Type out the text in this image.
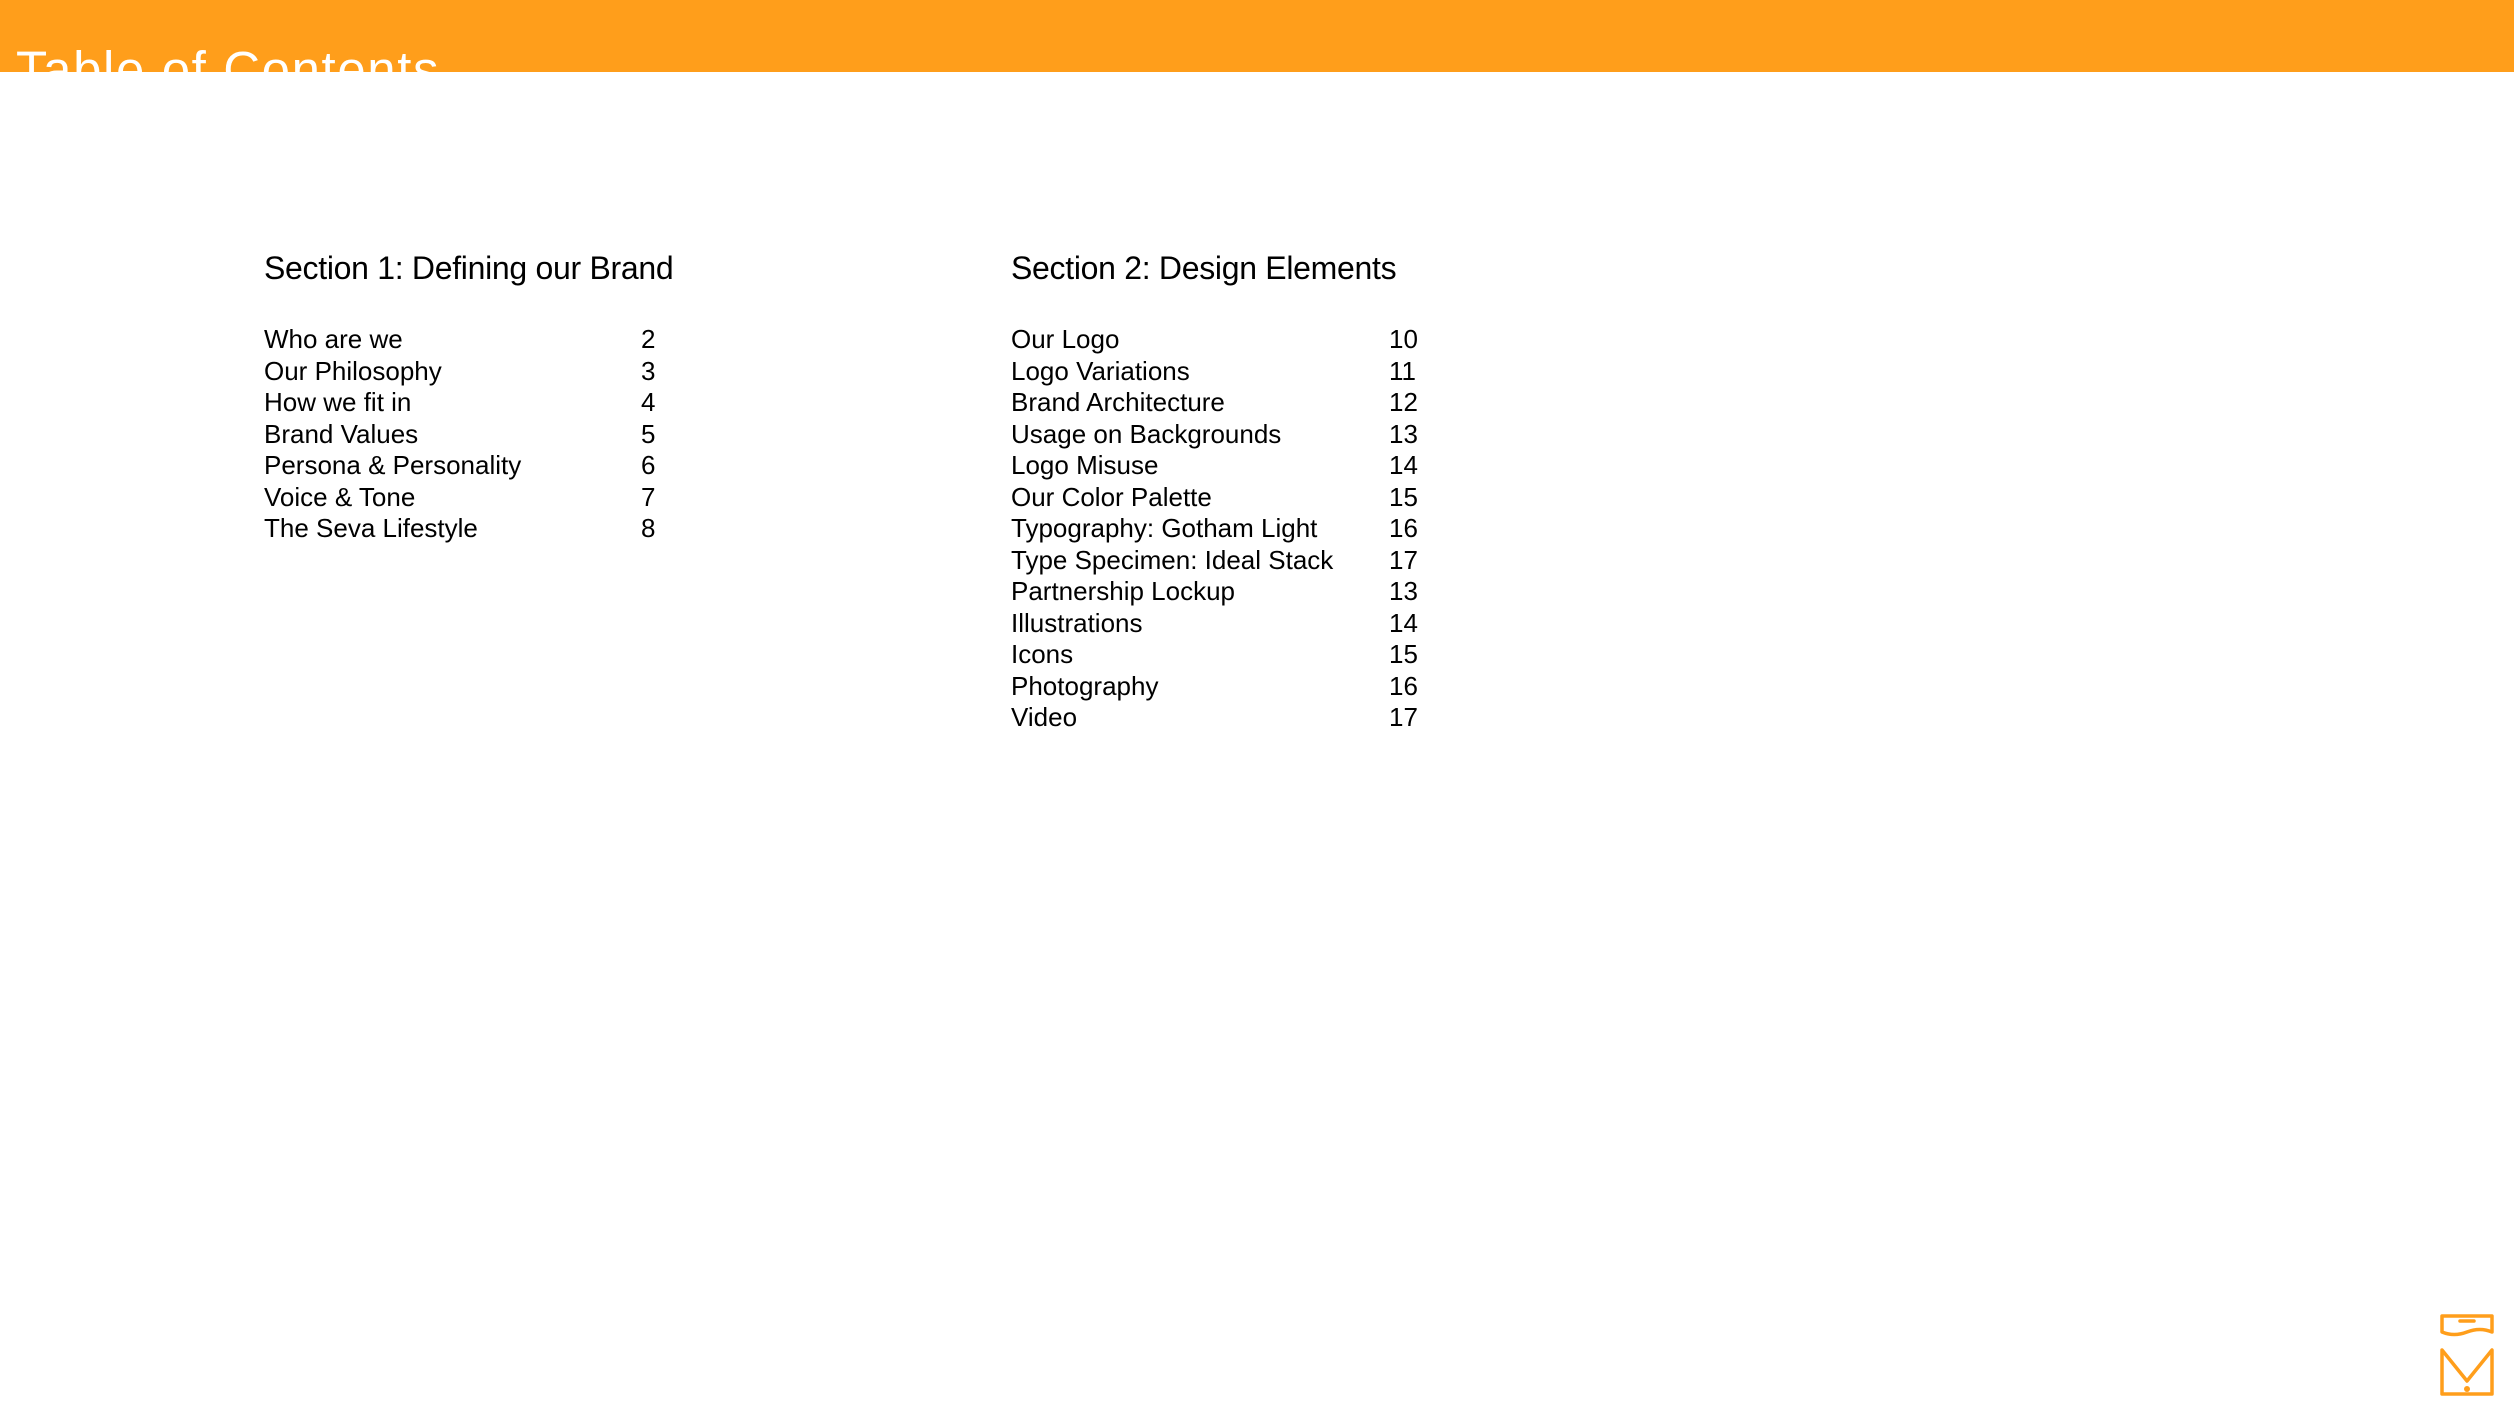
Table of Contents
Section 1: Defining our Brand
Who are we	2
Our Philosophy	3
How we fit in	4
Brand Values	5
Persona & Personality	6
Voice & Tone	7
The Seva Lifestyle	8
Section 2: Design Elements
Our Logo	10
Logo Variations	11
Brand Architecture	12
Usage on Backgrounds	13
Logo Misuse	14
Our Color Palette	15
Typography: Gotham Light	16
Type Specimen: Ideal Stack 17
Partnership Lockup	13
Illustrations	14
Icons	15
Photography	16
Video	17
